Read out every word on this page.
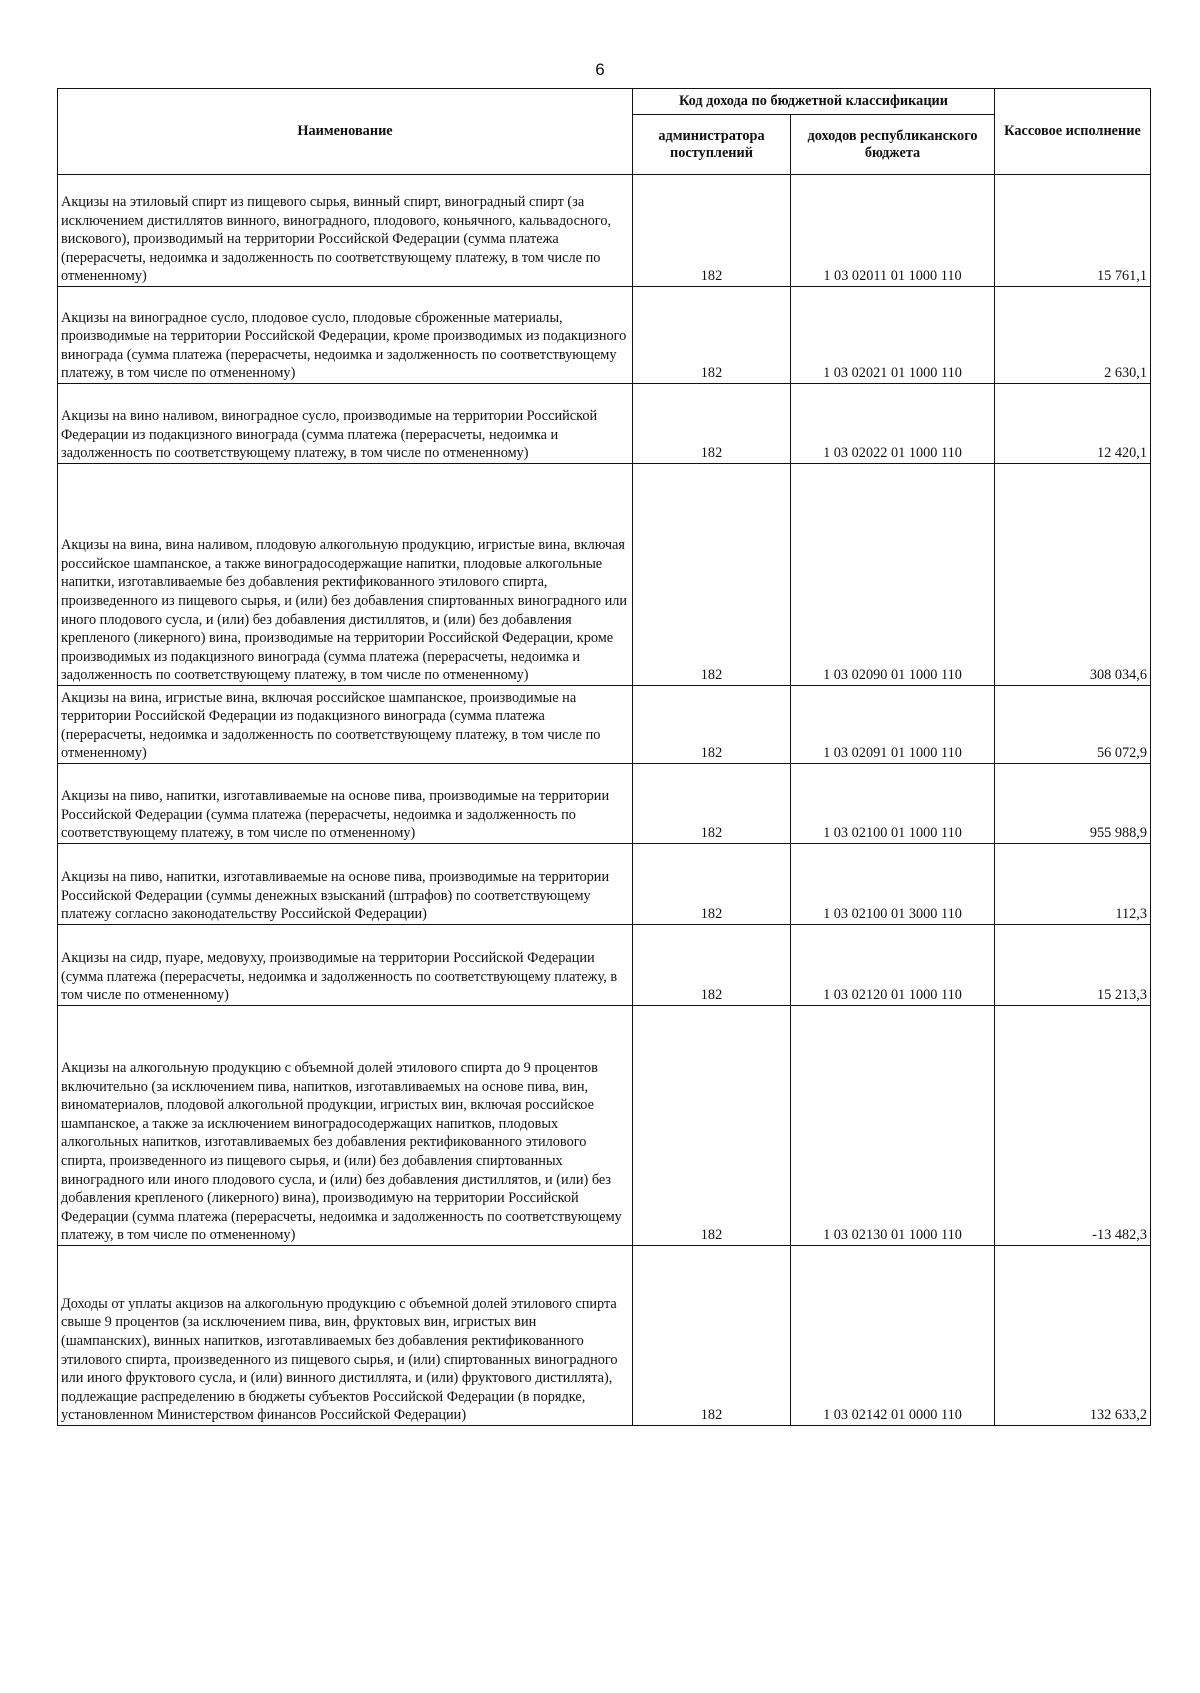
6
Наименование	Код дохода по бюджетной классификации		Кассовое исполнение
	администратора поступлений	доходов республиканского бюджета	
Акцизы на этиловый спирт из пищевого сырья, винный спирт, виноградный спирт (за исключением дистиллятов винного, виноградного, плодового, коньячного, кальвадосного, вискового), производимый на территории Российской Федерации (сумма платежа (перерасчеты, недоимка и задолженность по соответствующему платежу, в том числе по отмененному)	182	1 03 02011 01 1000 110	15 761,1
Акцизы на виноградное сусло, плодовое сусло, плодовые сброженные материалы, производимые на территории Российской Федерации, кроме производимых из подакцизного винограда (сумма платежа (перерасчеты, недоимка и задолженность по соответствующему платежу, в том числе по отмененному)	182	1 03 02021 01 1000 110	2 630,1
Акцизы на вино наливом, виноградное сусло, производимые на территории Российской Федерации из подакцизного винограда (сумма платежа (перерасчеты, недоимка и задолженность по соответствующему платежу, в том числе по отмененному)	182	1 03 02022 01 1000 110	12 420,1
Акцизы на вина, вина наливом, плодовую алкогольную продукцию, игристые вина, включая российское шампанское, а также виноградосодержащие напитки, плодовые алкогольные напитки, изготавливаемые без добавления ректификованного этилового спирта, произведенного из пищевого сырья, и (или) без добавления спиртованных виноградного или иного плодового сусла, и (или) без добавления дистиллятов, и (или) без добавления крепленого (ликерного) вина, производимые на территории Российской Федерации, кроме производимых из подакцизного винограда (сумма платежа (перерасчеты, недоимка и задолженность по соответствующему платежу, в том числе по отмененному)	182	1 03 02090 01 1000 110	308 034,6
Акцизы на вина, игристые вина, включая российское шампанское, производимые на территории Российской Федерации из подакцизного винограда (сумма платежа (перерасчеты, недоимка и задолженность по соответствующему платежу, в том числе по отмененному)	182	1 03 02091 01 1000 110	56 072,9
Акцизы на пиво, напитки, изготавливаемые на основе пива, производимые на территории Российской Федерации (сумма платежа (перерасчеты, недоимка и задолженность по соответствующему платежу, в том числе по отмененному)	182	1 03 02100 01 1000 110	955 988,9
Акцизы на пиво, напитки, изготавливаемые на основе пива, производимые на территории Российской Федерации (суммы денежных взысканий (штрафов) по соответствующему платежу согласно законодательству Российской Федерации)	182	1 03 02100 01 3000 110	112,3
Акцизы на сидр, пуаре, медовуху, производимые на территории Российской Федерации (сумма платежа (перерасчеты, недоимка и задолженность по соответствующему платежу, в том числе по отмененному)	182	1 03 02120 01 1000 110	15 213,3
Акцизы на алкогольную продукцию с объемной долей этилового спирта до 9 процентов включительно (за исключением пива, напитков, изготавливаемых на основе пива, вин, виноматериалов, плодовой алкогольной продукции, игристых вин, включая российское шампанское, а также за исключением виноградосодержащих напитков, плодовых алкогольных напитков, изготавливаемых без добавления ректификованного этилового спирта, произведенного из пищевого сырья, и (или) без добавления спиртованных виноградного или иного плодового сусла, и (или) без добавления дистиллятов, и (или) без добавления крепленого (ликерного) вина), производимую на территории Российской Федерации (сумма платежа (перерасчеты, недоимка и задолженность по соответствующему платежу, в том числе по отмененному)	182	1 03 02130 01 1000 110	-13 482,3
Доходы от уплаты акцизов на алкогольную продукцию с объемной долей этилового спирта свыше 9 процентов (за исключением пива, вин, фруктовых вин, игристых вин (шампанских), винных напитков, изготавливаемых без добавления ректификованного этилового спирта, произведенного из пищевого сырья, и (или) спиртованных виноградного или иного фруктового сусла, и (или) винного дистиллята, и (или) фруктового дистиллята), подлежащие распределению в бюджеты субъектов Российской Федерации (в порядке, установленном Министерством финансов Российской Федерации)	182	1 03 02142 01 0000 110	132 633,2
